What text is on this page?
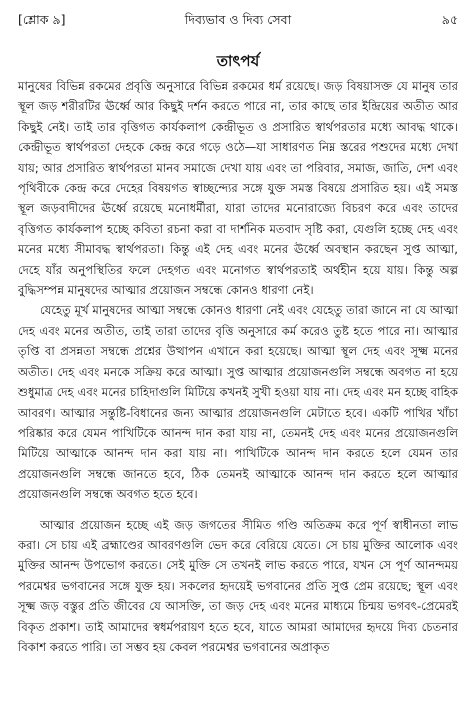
[শ্লোক ৯]	দিব্যভাব ও দিব্য সেবা	৯৫
তাৎপর্য

মানুষের বিভিন্ন রকমের প্রবৃত্তি অনুসারে বিভিন্ন রকমের ধর্ম রয়েছে। জড় বিষয়াসক্ত যে মানুষ তার স্থূল জড় শরীরটির ঊর্ধ্বে আর কিছুই দর্শন করতে পারে না, তার কাছে তার ইন্দ্রিয়ের অতীত আর কিছুই নেই। তাই তার বৃত্তিগত কার্যকলাপ কেন্দ্রীভূত ও প্রসারিত স্বার্থপরতার মধ্যে আবদ্ধ থাকে। কেন্দ্রীভূত স্বার্থপরতা দেহকে কেন্দ্র করে গড়ে ওঠে—যা সাধারণত নিম্ন স্তরের পশুদের মধ্যে দেখা যায়; আর প্রসারিত স্বার্থপরতা মানব সমাজে দেখা যায় এবং তা পরিবার, সমাজ, জাতি, দেশ এবং পৃথিবীকে কেন্দ্র করে দেহের বিষয়গত স্বাচ্ছন্দ্যের সঙ্গে যুক্ত সমস্ত বিষয়ে প্রসারিত হয়। এই সমস্ত স্থূল জড়বাদীদের ঊর্ধ্বে রয়েছে মনোধর্মীরা, যারা তাদের মনোরাজ্যে বিচরণ করে এবং তাদের বৃত্তিগত কার্যকলাপ হচ্ছে কবিতা রচনা করা বা দার্শনিক মতবাদ সৃষ্টি করা, যেগুলি হচ্ছে দেহ এবং মনের মধ্যে সীমাবদ্ধ স্বার্থপরতা। কিন্তু এই দেহ এবং মনের ঊর্ধ্বে অবস্থান করছেন সুপ্ত আত্মা, দেহে যাঁর অনুপস্থিতির ফলে দেহগত এবং মনোগত স্বার্থপরতাই অর্থহীন হয়ে যায়। কিন্তু অল্প বুদ্ধিসম্পন্ন মানুষদের আত্মার প্রয়োজন সম্বন্ধে কোনও ধারণা নেই।

যেহেতু মূর্খ মানুষদের আত্মা সম্বন্ধে কোনও ধারণা নেই এবং যেহেতু তারা জানে না যে আত্মা দেহ এবং মনের অতীত, তাই তারা তাদের বৃত্তি অনুসারে কর্ম করেও তুষ্ট হতে পারে না। আত্মার তৃপ্তি বা প্রসন্নতা সম্বন্ধে প্রশ্নের উত্থাপন এখানে করা হয়েছে। আত্মা স্থূল দেহ এবং সূক্ষ্ম মনের অতীত। দেহ এবং মনকে সক্রিয় করে আত্মা। সুপ্ত আত্মার প্রয়োজনগুলি সম্বন্ধে অবগত না হয়ে শুধুমাত্র দেহ এবং মনের চাহিদাগুলি মিটিয়ে কখনই সুখী হওয়া যায় না। দেহ এবং মন হচ্ছে বাহিক আবরণ। আত্মার সন্তুষ্টি-বিধানের জন্য আত্মার প্রয়োজনগুলি মেটাতে হবে। একটি পাখির খাঁচা পরিষ্কার করে যেমন পাখিটিকে আনন্দ দান করা যায় না, তেমনই দেহ এবং মনের প্রয়োজনগুলি মিটিয়ে আত্মাকে আনন্দ দান করা যায় না। পাখিটিকে আনন্দ দান করতে হলে যেমন তার প্রয়োজনগুলি সম্বন্ধে জানতে হবে, ঠিক তেমনই আত্মাকে আনন্দ দান করতে হলে আত্মার প্রয়োজনগুলি সম্বন্ধে অবগত হতে হবে।

আত্মার প্রয়োজন হচ্ছে এই জড় জগতের সীমিত গণ্ডি অতিক্রম করে পূর্ণ স্বাধীনতা লাভ করা। সে চায় এই ব্রহ্মাণ্ডের আবরণগুলি ভেদ করে বেরিয়ে যেতে। সে চায় মুক্তির আলোক এবং মুক্তির আনন্দ উপভোগ করতে। সেই মুক্তি সে তখনই লাভ করতে পারে, যখন সে পূর্ণ আনন্দময় পরমেশ্বর ভগবানের সঙ্গে যুক্ত হয়। সকলের হৃদয়েই ভগবানের প্রতি সুপ্ত প্রেম রয়েছে; স্থূল এবং সূক্ষ্ম জড় বস্তুর প্রতি জীবের যে আসক্তি, তা জড় দেহ এবং মনের মাধ্যমে চিন্ময় ভগবৎ-প্রেমেরই বিকৃত প্রকাশ। তাই আমাদের স্বধর্মপরায়ণ হতে হবে, যাতে আমরা আমাদের হৃদয়ে দিব্য চেতনার বিকাশ করতে পারি। তা সম্ভব হয় কেবল পরমেশ্বর ভগবানের অপ্রাকৃত
